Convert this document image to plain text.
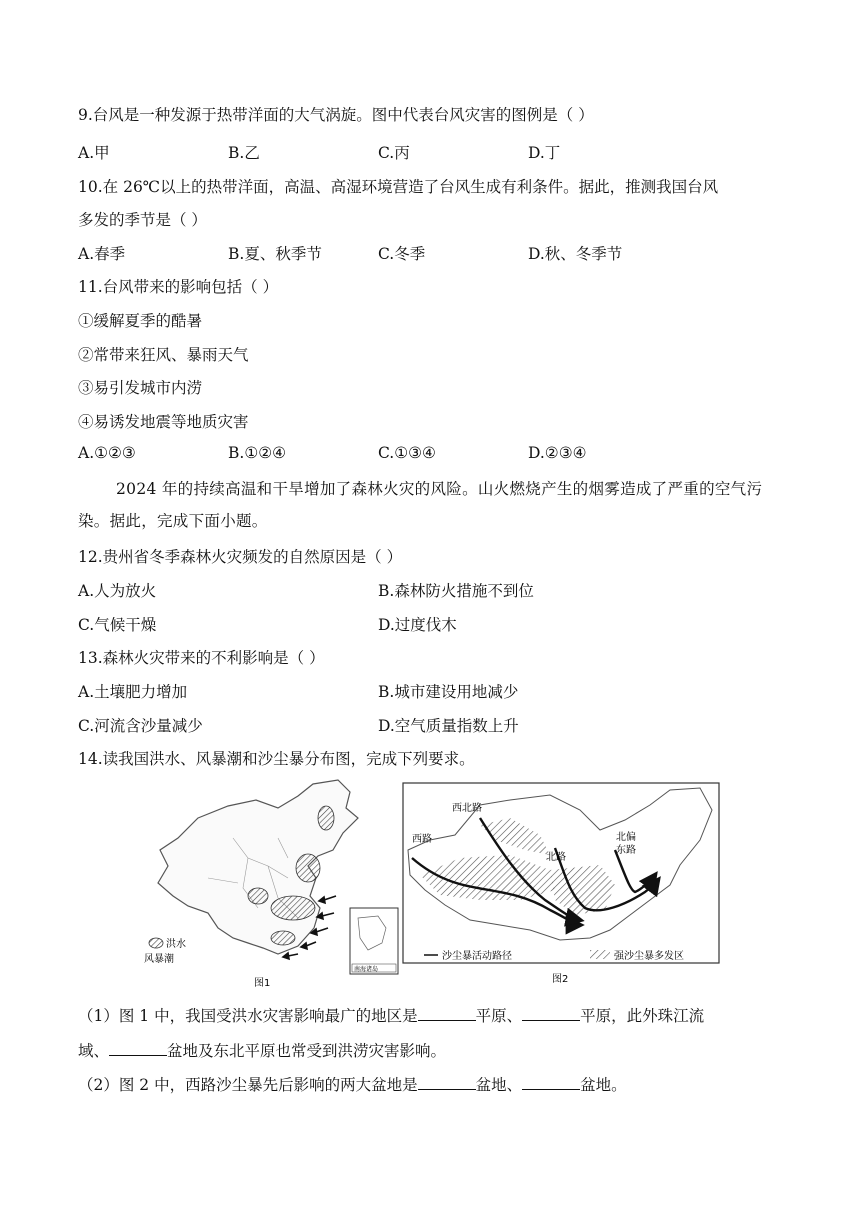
9.台风是一种发源于热带洋面的大气涡旋。图中代表台风灾害的图例是（ ）
A.甲	B.乙	C.丙	D.丁
10.在 26℃以上的热带洋面，高温、高湿环境营造了台风生成有利条件。据此，推测我国台风
多发的季节是（ ）
A.春季	B.夏、秋季节	C.冬季	D.秋、冬季节
11.台风带来的影响包括（ ）
①缓解夏季的酷暑
②常带来狂风、暴雨天气
③易引发城市内涝
④易诱发地震等地质灾害
A.①②③	B.①②④	C.①③④	D.②③④
2024 年的持续高温和干旱增加了森林火灾的风险。山火燃烧产生的烟雾造成了严重的空气污染。据此，完成下面小题。
12.贵州省冬季森林火灾频发的自然原因是（ ）
A.人为放火	B.森林防火措施不到位
C.气候干燥	D.过度伐木
13.森林火灾带来的不利影响是（ ）
A.土壤肥力增加	B.城市建设用地减少
C.河流含沙量减少	D.空气质量指数上升
14.读我国洪水、风暴潮和沙尘暴分布图，完成下列要求。
洪水
风暴潮
南海诸岛
图1
西北路
西路
北路
北偏
东路
沙尘暴活动路径	强沙尘暴多发区
图2
（1）图 1 中，我国受洪水灾害影响最广的地区是	平原、	平原，此外珠江流
域、	盆地及东北平原也常受到洪涝灾害影响。
（2）图 2 中，西路沙尘暴先后影响的两大盆地是	盆地、	盆地。
